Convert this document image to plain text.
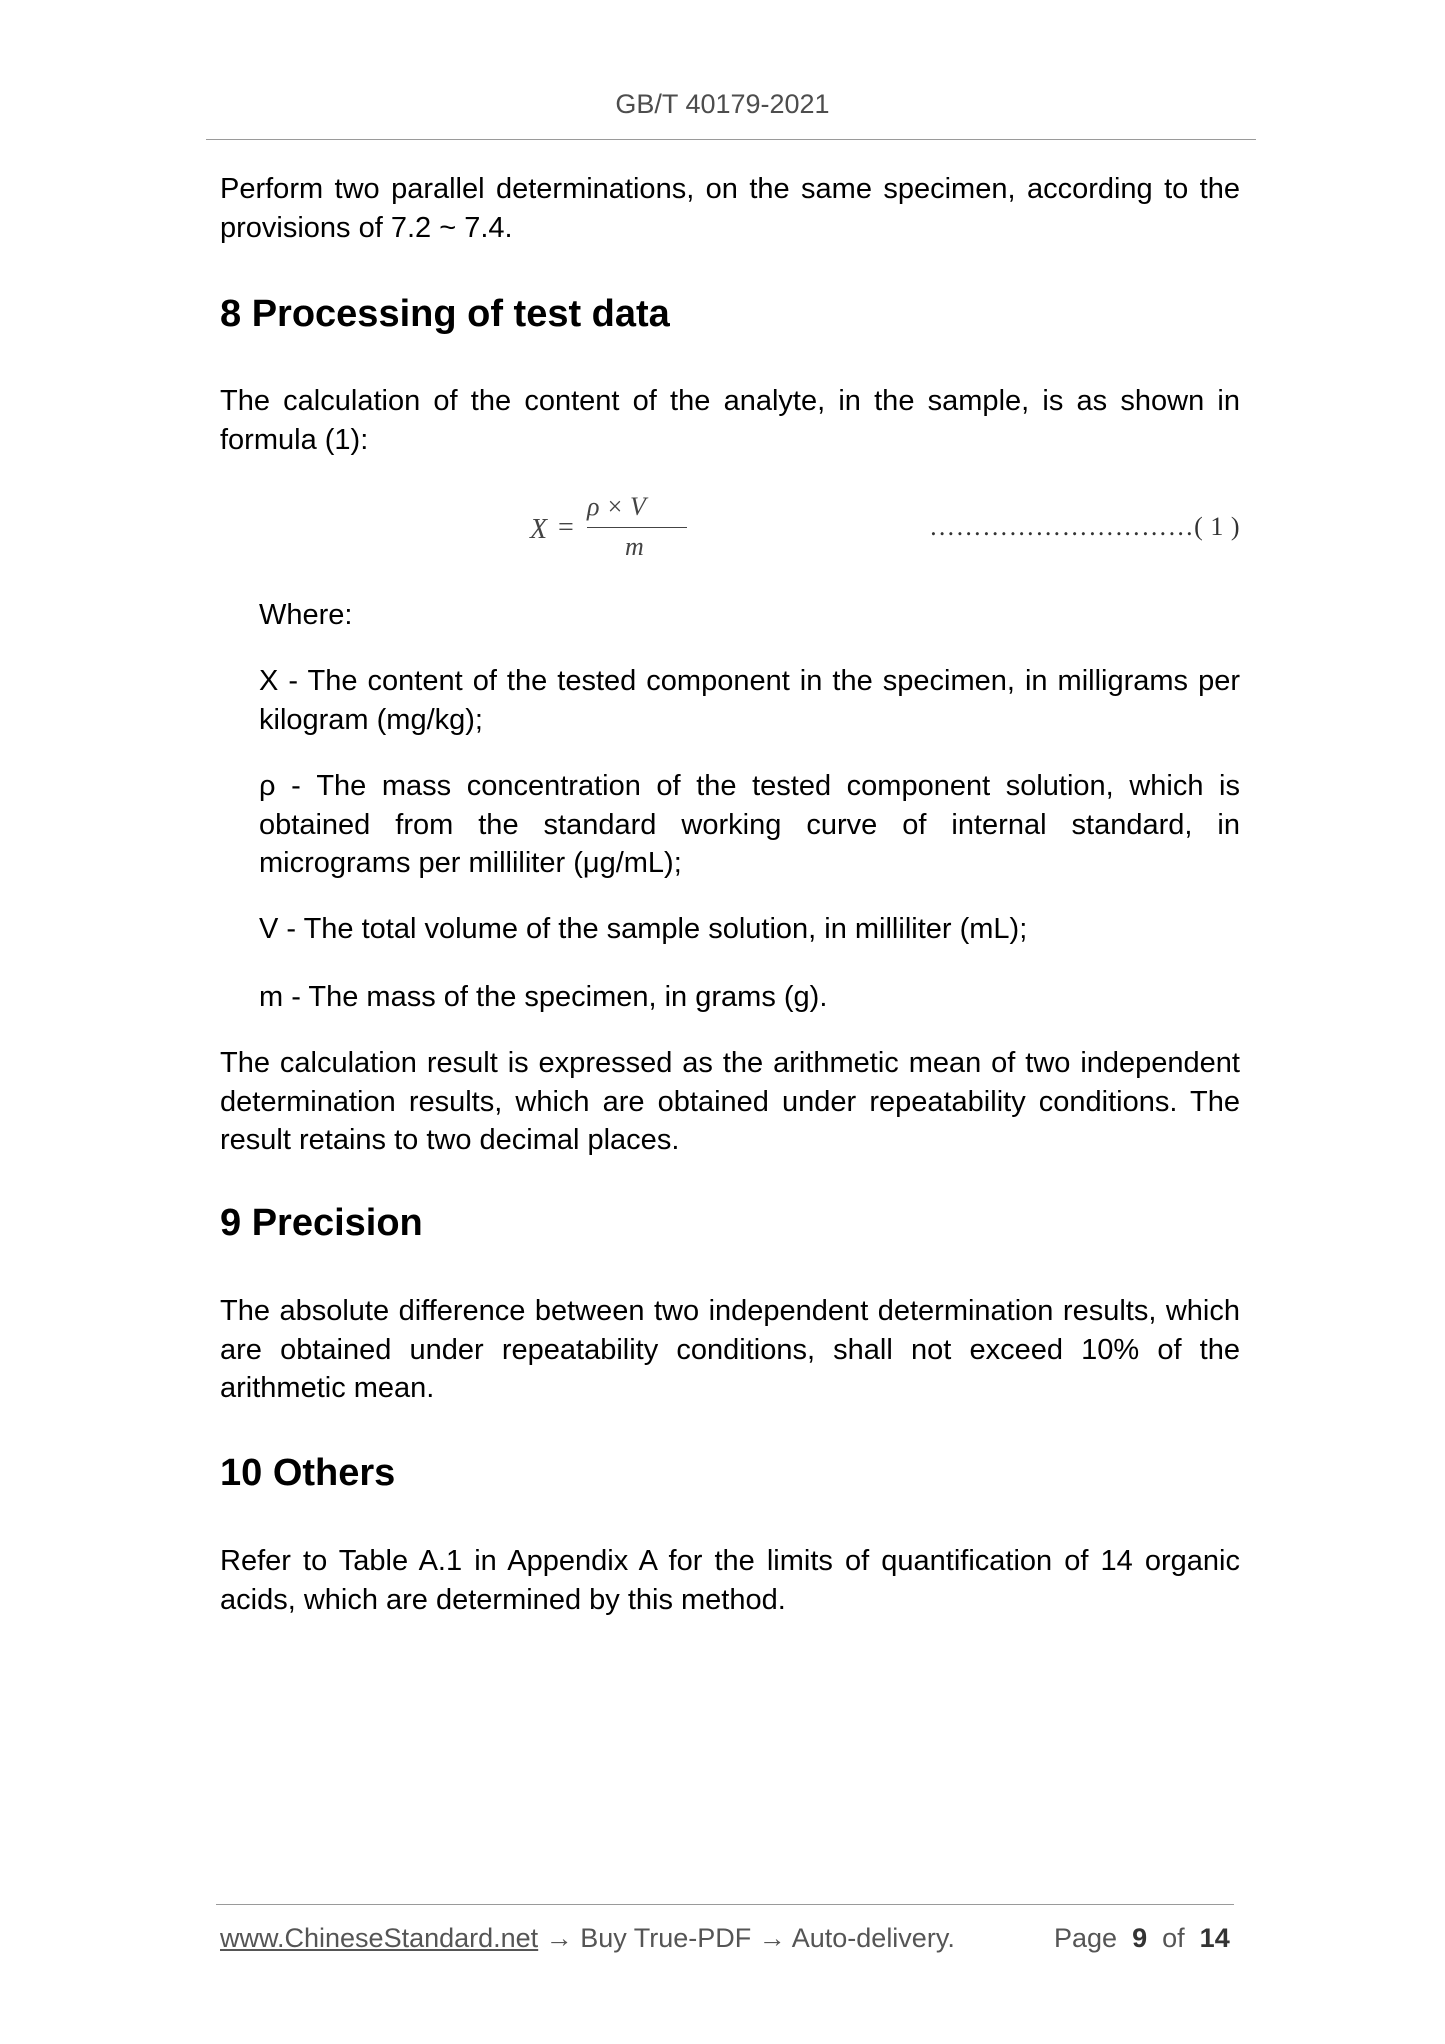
GB/T 40179-2021
Perform two parallel determinations, on the same specimen, according to the provisions of 7.2 ~ 7.4.
8 Processing of test data
The calculation of the content of the analyte, in the sample, is as shown in formula (1):
X =
ρ × V
m
…………………………( 1 )
Where:
X - The content of the tested component in the specimen, in milligrams per kilogram (mg/kg);
ρ - The mass concentration of the tested component solution, which is obtained from the standard working curve of internal standard, in micrograms per milliliter (μg/mL);
V - The total volume of the sample solution, in milliliter (mL);
m - The mass of the specimen, in grams (g).
The calculation result is expressed as the arithmetic mean of two independent determination results, which are obtained under repeatability conditions. The result retains to two decimal places.
9 Precision
The absolute difference between two independent determination results, which are obtained under repeatability conditions, shall not exceed 10% of the arithmetic mean.
10 Others
Refer to Table A.1 in Appendix A for the limits of quantification of 14 organic acids, which are determined by this method.
www.ChineseStandard.net → Buy True-PDF → Auto-delivery.	Page 9 of 14
